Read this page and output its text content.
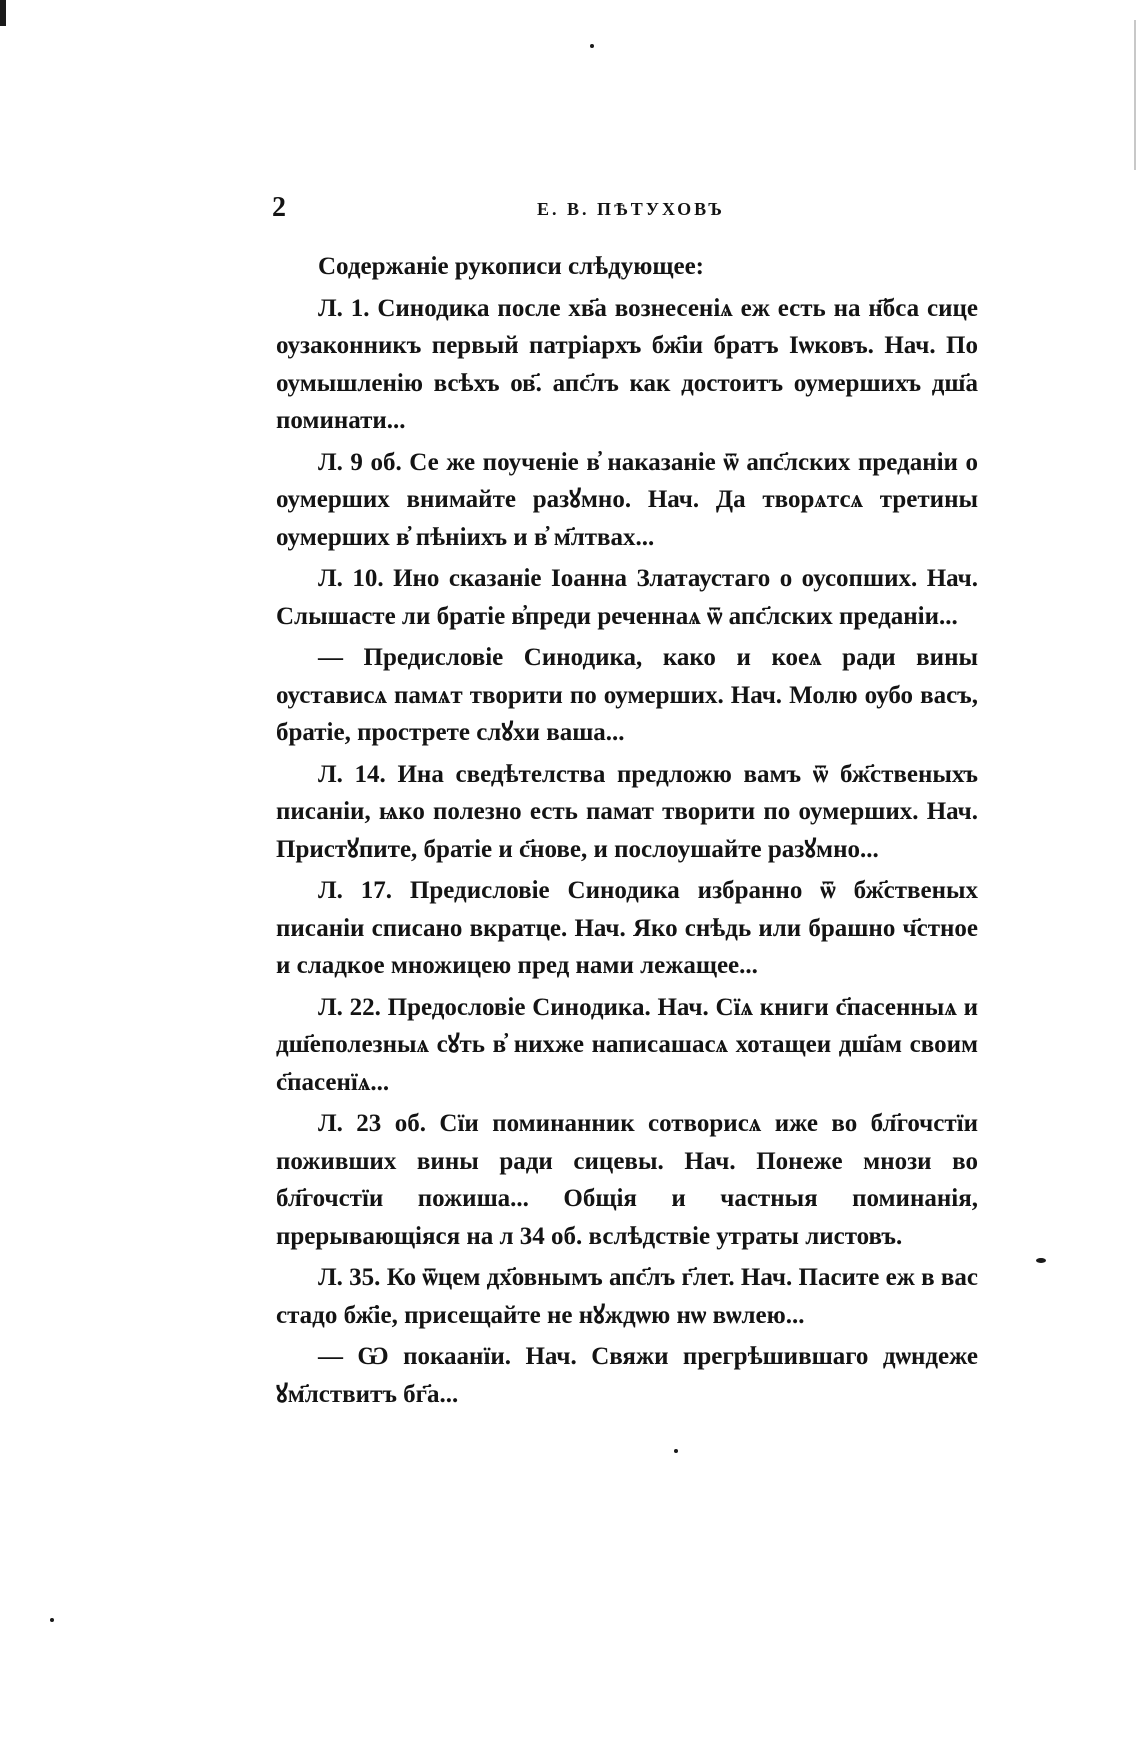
2	Е. В. ПѢТУХОВЪ

Содержаніе рукописи слѣдующее:

Л. 1. Синодика после хв҃а вознесеніѧ еж есть на н҃бса сице оузаконникъ первый патріархъ бж҃іи братъ Іѡковъ. Нач. По оумышленію всѣхъ ов҃. апс҃лъ как достоитъ оумершихъ дш҃а поминати...

Л. 9 об. Се же поученіе в҆ наказаніе ѿ апс҃лских преданіи о оумерших внимайте разꙋмно. Нач. Да творѧтсѧ третины оумерших в҆ пѣніихъ и в҆ м҃лтвах...

Л. 10. Ино сказаніе Іоанна Златаустаго о оусопших. Нач. Слышасте ли братіе в҆преди реченнаѧ ѿ апс҃лских преданіи...

— Предисловіе Синодика, како и коеѧ ради вины оустависѧ памѧт творити по оумерших. Нач. Молю оубо васъ, братіе, прострете слꙋхи ваша...

Л. 14. Ина сведѣтелства предложю вамъ ѿ бж҃ственыхъ писаніи, ѩко полезно есть памат творити по оумерших. Нач. Пристꙋпите, братіе и с҃нове, и послоушайте разꙋмно...

Л. 17. Предисловіе Синодика избранно ѿ бж҃ственых писаніи списано вкратце. Нач. Яко снѣдь или брашно ч҃стное и сладкое множицею пред нами лежащее...

Л. 22. Предословіе Синодика. Нач. Сїѧ книги с҃пасенныѧ и дш҃еполезныѧ сꙋть в҆ нихже написашасѧ хотащеи дш҃ам своим с҃пасенїѧ...

Л. 23 об. Сїи поминанник сотворисѧ иже во бл҃гочстїи поживших вины ради сицевы. Нач. Понеже мнози во бл҃гочстїи пожиша... Общія и частныя поминанія, прерывающіяся на л 34 об. вслѣдствіе утраты листовъ.

Л. 35. Ко ѿцем дх҃овнымъ апс҃лъ г҃лет. Нач. Пасите еж в вас стадо бж҃іе, присещайте не нꙋждѡю нѡ вѡлею...

— Ѡ покаанїи. Нач. Свяжи прегрѣшившаго дѡндеже ꙋм҃лствитъ бг҃а...
